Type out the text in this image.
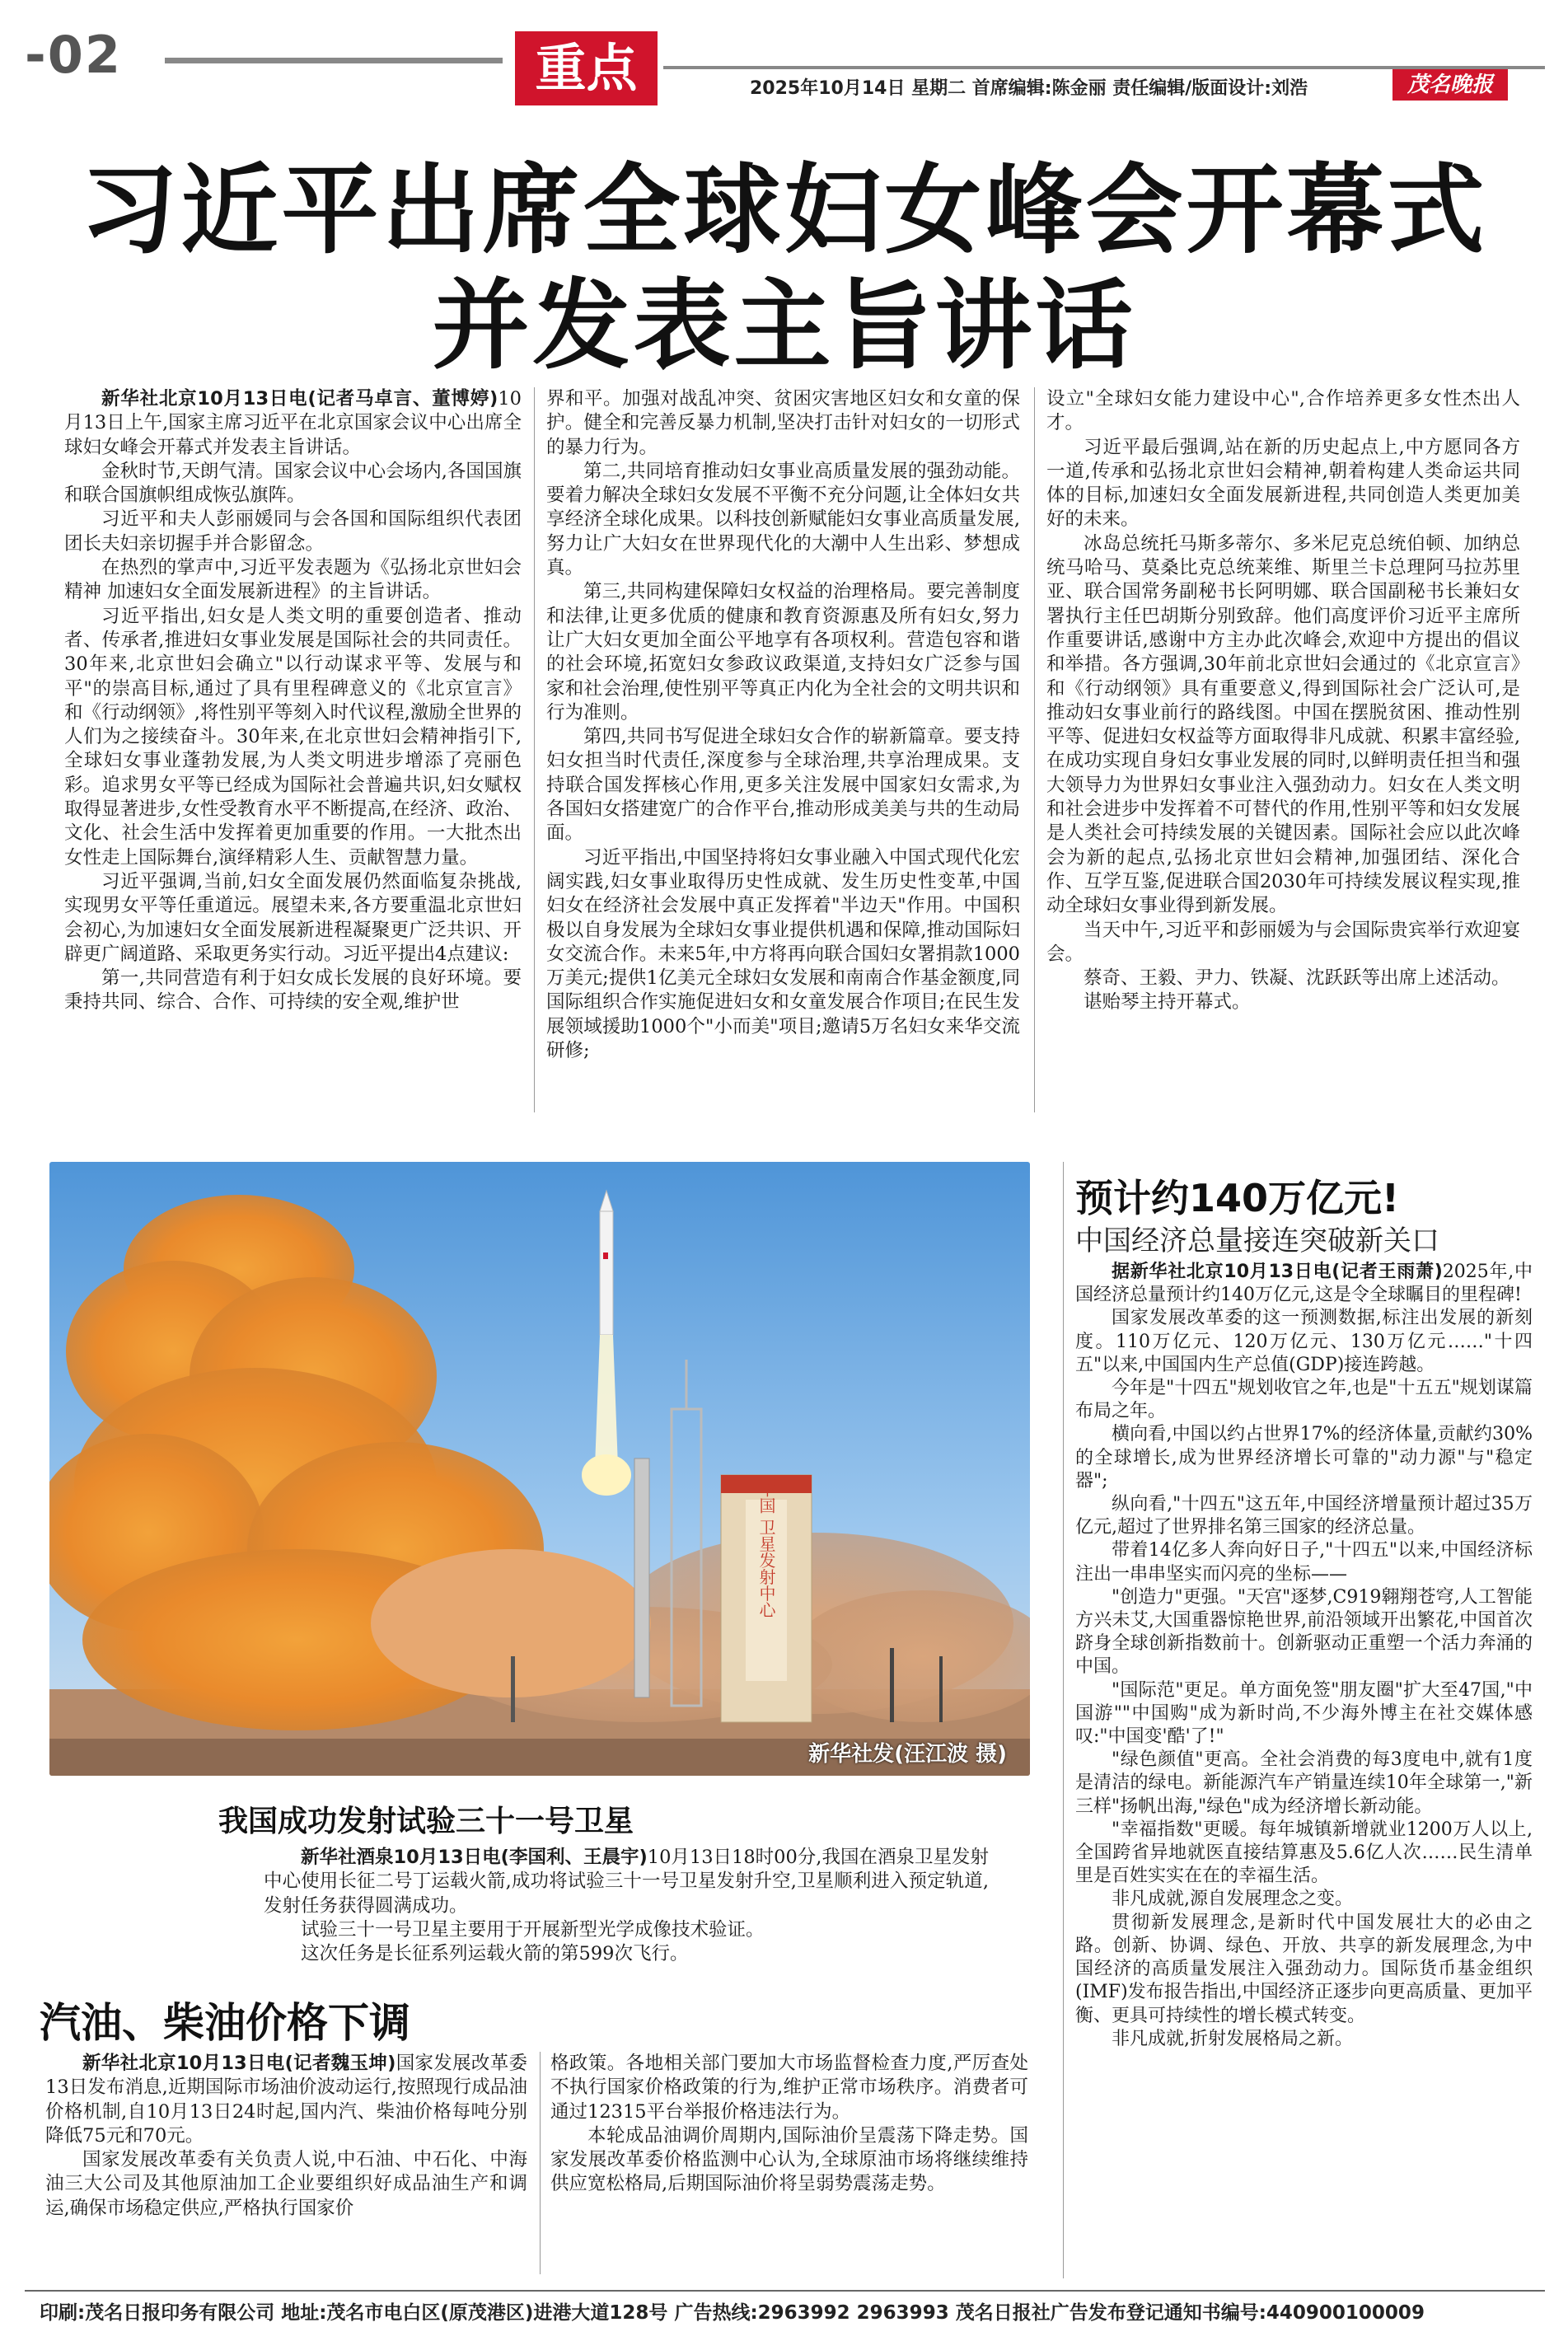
-02	重点	2025年10月14日 星期二 首席编辑:陈金丽 责任编辑/版面设计:刘浩	茂名晚报
习近平出席全球妇女峰会开幕式
并发表主旨讲话

新华社北京10月13日电(记者马卓言、董博婷)10月13日上午,国家主席习近平在北京国家会议中心出席全球妇女峰会开幕式并发表主旨讲话。

金秋时节,天朗气清。国家会议中心会场内,各国国旗和联合国旗帜组成恢弘旗阵。

习近平和夫人彭丽媛同与会各国和国际组织代表团团长夫妇亲切握手并合影留念。

在热烈的掌声中,习近平发表题为《弘扬北京世妇会精神 加速妇女全面发展新进程》的主旨讲话。

习近平指出,妇女是人类文明的重要创造者、推动者、传承者,推进妇女事业发展是国际社会的共同责任。30年来,北京世妇会确立"以行动谋求平等、发展与和平"的崇高目标,通过了具有里程碑意义的《北京宣言》和《行动纲领》,将性别平等刻入时代议程,激励全世界的人们为之接续奋斗。30年来,在北京世妇会精神指引下,全球妇女事业蓬勃发展,为人类文明进步增添了亮丽色彩。追求男女平等已经成为国际社会普遍共识,妇女赋权取得显著进步,女性受教育水平不断提高,在经济、政治、文化、社会生活中发挥着更加重要的作用。一大批杰出女性走上国际舞台,演绎精彩人生、贡献智慧力量。

习近平强调,当前,妇女全面发展仍然面临复杂挑战,实现男女平等任重道远。展望未来,各方要重温北京世妇会初心,为加速妇女全面发展新进程凝聚更广泛共识、开辟更广阔道路、采取更务实行动。习近平提出4点建议:

第一,共同营造有利于妇女成长发展的良好环境。要秉持共同、综合、合作、可持续的安全观,维护世

界和平。加强对战乱冲突、贫困灾害地区妇女和女童的保护。健全和完善反暴力机制,坚决打击针对妇女的一切形式的暴力行为。

第二,共同培育推动妇女事业高质量发展的强劲动能。要着力解决全球妇女发展不平衡不充分问题,让全体妇女共享经济全球化成果。以科技创新赋能妇女事业高质量发展,努力让广大妇女在世界现代化的大潮中人生出彩、梦想成真。

第三,共同构建保障妇女权益的治理格局。要完善制度和法律,让更多优质的健康和教育资源惠及所有妇女,努力让广大妇女更加全面公平地享有各项权利。营造包容和谐的社会环境,拓宽妇女参政议政渠道,支持妇女广泛参与国家和社会治理,使性别平等真正内化为全社会的文明共识和行为准则。

第四,共同书写促进全球妇女合作的崭新篇章。要支持妇女担当时代责任,深度参与全球治理,共享治理成果。支持联合国发挥核心作用,更多关注发展中国家妇女需求,为各国妇女搭建宽广的合作平台,推动形成美美与共的生动局面。

习近平指出,中国坚持将妇女事业融入中国式现代化宏阔实践,妇女事业取得历史性成就、发生历史性变革,中国妇女在经济社会发展中真正发挥着"半边天"作用。中国积极以自身发展为全球妇女事业提供机遇和保障,推动国际妇女交流合作。未来5年,中方将再向联合国妇女署捐款1000万美元;提供1亿美元全球妇女发展和南南合作基金额度,同国际组织合作实施促进妇女和女童发展合作项目;在民生发展领域援助1000个"小而美"项目;邀请5万名妇女来华交流研修;

设立"全球妇女能力建设中心",合作培养更多女性杰出人才。

习近平最后强调,站在新的历史起点上,中方愿同各方一道,传承和弘扬北京世妇会精神,朝着构建人类命运共同体的目标,加速妇女全面发展新进程,共同创造人类更加美好的未来。

冰岛总统托马斯多蒂尔、多米尼克总统伯顿、加纳总统马哈马、莫桑比克总统莱维、斯里兰卡总理阿马拉苏里亚、联合国常务副秘书长阿明娜、联合国副秘书长兼妇女署执行主任巴胡斯分别致辞。他们高度评价习近平主席所作重要讲话,感谢中方主办此次峰会,欢迎中方提出的倡议和举措。各方强调,30年前北京世妇会通过的《北京宣言》和《行动纲领》具有重要意义,得到国际社会广泛认可,是推动妇女事业前行的路线图。中国在摆脱贫困、推动性别平等、促进妇女权益等方面取得非凡成就、积累丰富经验,在成功实现自身妇女事业发展的同时,以鲜明责任担当和强大领导力为世界妇女事业注入强劲动力。妇女在人类文明和社会进步中发挥着不可替代的作用,性别平等和妇女发展是人类社会可持续发展的关键因素。国际社会应以此次峰会为新的起点,弘扬北京世妇会精神,加强团结、深化合作、互学互鉴,促进联合国2030年可持续发展议程实现,推动全球妇女事业得到新发展。

当天中午,习近平和彭丽媛为与会国际贵宾举行欢迎宴会。

蔡奇、王毅、尹力、铁凝、沈跃跃等出席上述活动。

谌贻琴主持开幕式。

中国 卫星发射中心
新华社发(汪江波 摄)
我国成功发射试验三十一号卫星

新华社酒泉10月13日电(李国利、王晨宇)10月13日18时00分,我国在酒泉卫星发射中心使用长征二号丁运载火箭,成功将试验三十一号卫星发射升空,卫星顺利进入预定轨道,发射任务获得圆满成功。

试验三十一号卫星主要用于开展新型光学成像技术验证。

这次任务是长征系列运载火箭的第599次飞行。

汽油、柴油价格下调

新华社北京10月13日电(记者魏玉坤)国家发展改革委13日发布消息,近期国际市场油价波动运行,按照现行成品油价格机制,自10月13日24时起,国内汽、柴油价格每吨分别降低75元和70元。

国家发展改革委有关负责人说,中石油、中石化、中海油三大公司及其他原油加工企业要组织好成品油生产和调运,确保市场稳定供应,严格执行国家价

格政策。各地相关部门要加大市场监督检查力度,严厉查处不执行国家价格政策的行为,维护正常市场秩序。消费者可通过12315平台举报价格违法行为。

本轮成品油调价周期内,国际油价呈震荡下降走势。国家发展改革委价格监测中心认为,全球原油市场将继续维持供应宽松格局,后期国际油价将呈弱势震荡走势。

预计约140万亿元!
中国经济总量接连突破新关口

据新华社北京10月13日电(记者王雨萧)2025年,中国经济总量预计约140万亿元,这是令全球瞩目的里程碑!

国家发展改革委的这一预测数据,标注出发展的新刻度。110万亿元、120万亿元、130万亿元……"十四五"以来,中国国内生产总值(GDP)接连跨越。

今年是"十四五"规划收官之年,也是"十五五"规划谋篇布局之年。

横向看,中国以约占世界17%的经济体量,贡献约30%的全球增长,成为世界经济增长可靠的"动力源"与"稳定器";

纵向看,"十四五"这五年,中国经济增量预计超过35万亿元,超过了世界排名第三国家的经济总量。

带着14亿多人奔向好日子,"十四五"以来,中国经济标注出一串串坚实而闪亮的坐标——

"创造力"更强。"天宫"逐梦,C919翱翔苍穹,人工智能方兴未艾,大国重器惊艳世界,前沿领域开出繁花,中国首次跻身全球创新指数前十。创新驱动正重塑一个活力奔涌的中国。

"国际范"更足。单方面免签"朋友圈"扩大至47国,"中国游""中国购"成为新时尚,不少海外博主在社交媒体感叹:"中国变'酷'了!"

"绿色颜值"更高。全社会消费的每3度电中,就有1度是清洁的绿电。新能源汽车产销量连续10年全球第一,"新三样"扬帆出海,"绿色"成为经济增长新动能。

"幸福指数"更暖。每年城镇新增就业1200万人以上,全国跨省异地就医直接结算惠及5.6亿人次……民生清单里是百姓实实在在的幸福生活。

非凡成就,源自发展理念之变。

贯彻新发展理念,是新时代中国发展壮大的必由之路。创新、协调、绿色、开放、共享的新发展理念,为中国经济的高质量发展注入强劲动力。国际货币基金组织(IMF)发布报告指出,中国经济正逐步向更高质量、更加平衡、更具可持续性的增长模式转变。

非凡成就,折射发展格局之新。

印刷:茂名日报印务有限公司 地址:茂名市电白区(原茂港区)进港大道128号 广告热线:2963992 2963993 茂名日报社广告发布登记通知书编号:440900100009
